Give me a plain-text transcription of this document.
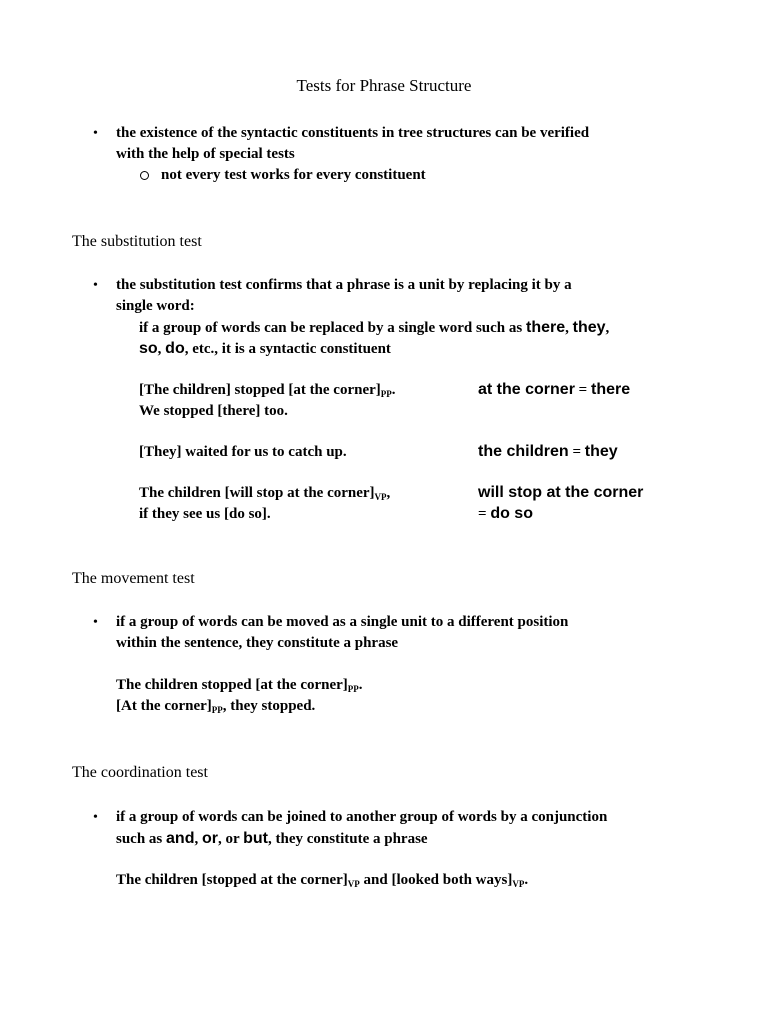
Tests for Phrase Structure
• the existence of the syntactic constituents in tree structures can be verified
with the help of special tests
not every test works for every constituent
The substitution test
• the substitution test confirms that a phrase is a unit by replacing it by a
single word:
if a group of words can be replaced by a single word such as there, they,
so, do, etc., it is a syntactic constituent
[The children] stopped [at the $corner]_{PP}$.
We stopped [there] too.
at the corner = there
[They] waited for us to catch up.	the children = they
The children [will stop at the $corner]_{VP}$,
if they see us [do so].
will stop at the corner
= do so
The movement test
• if a group of words can be moved as a single unit to a different position
within the sentence, they constitute a phrase
The children stopped [at the $corner]_{PP}$.
[At the $corner]_{PP}$, they stopped.
The coordination test
• if a group of words can be joined to another group of words by a conjunction
such as and, or, or but, they constitute a phrase
The children [stopped at the $corner]_{VP}$ and [looked both $ways]_{VP}$.
